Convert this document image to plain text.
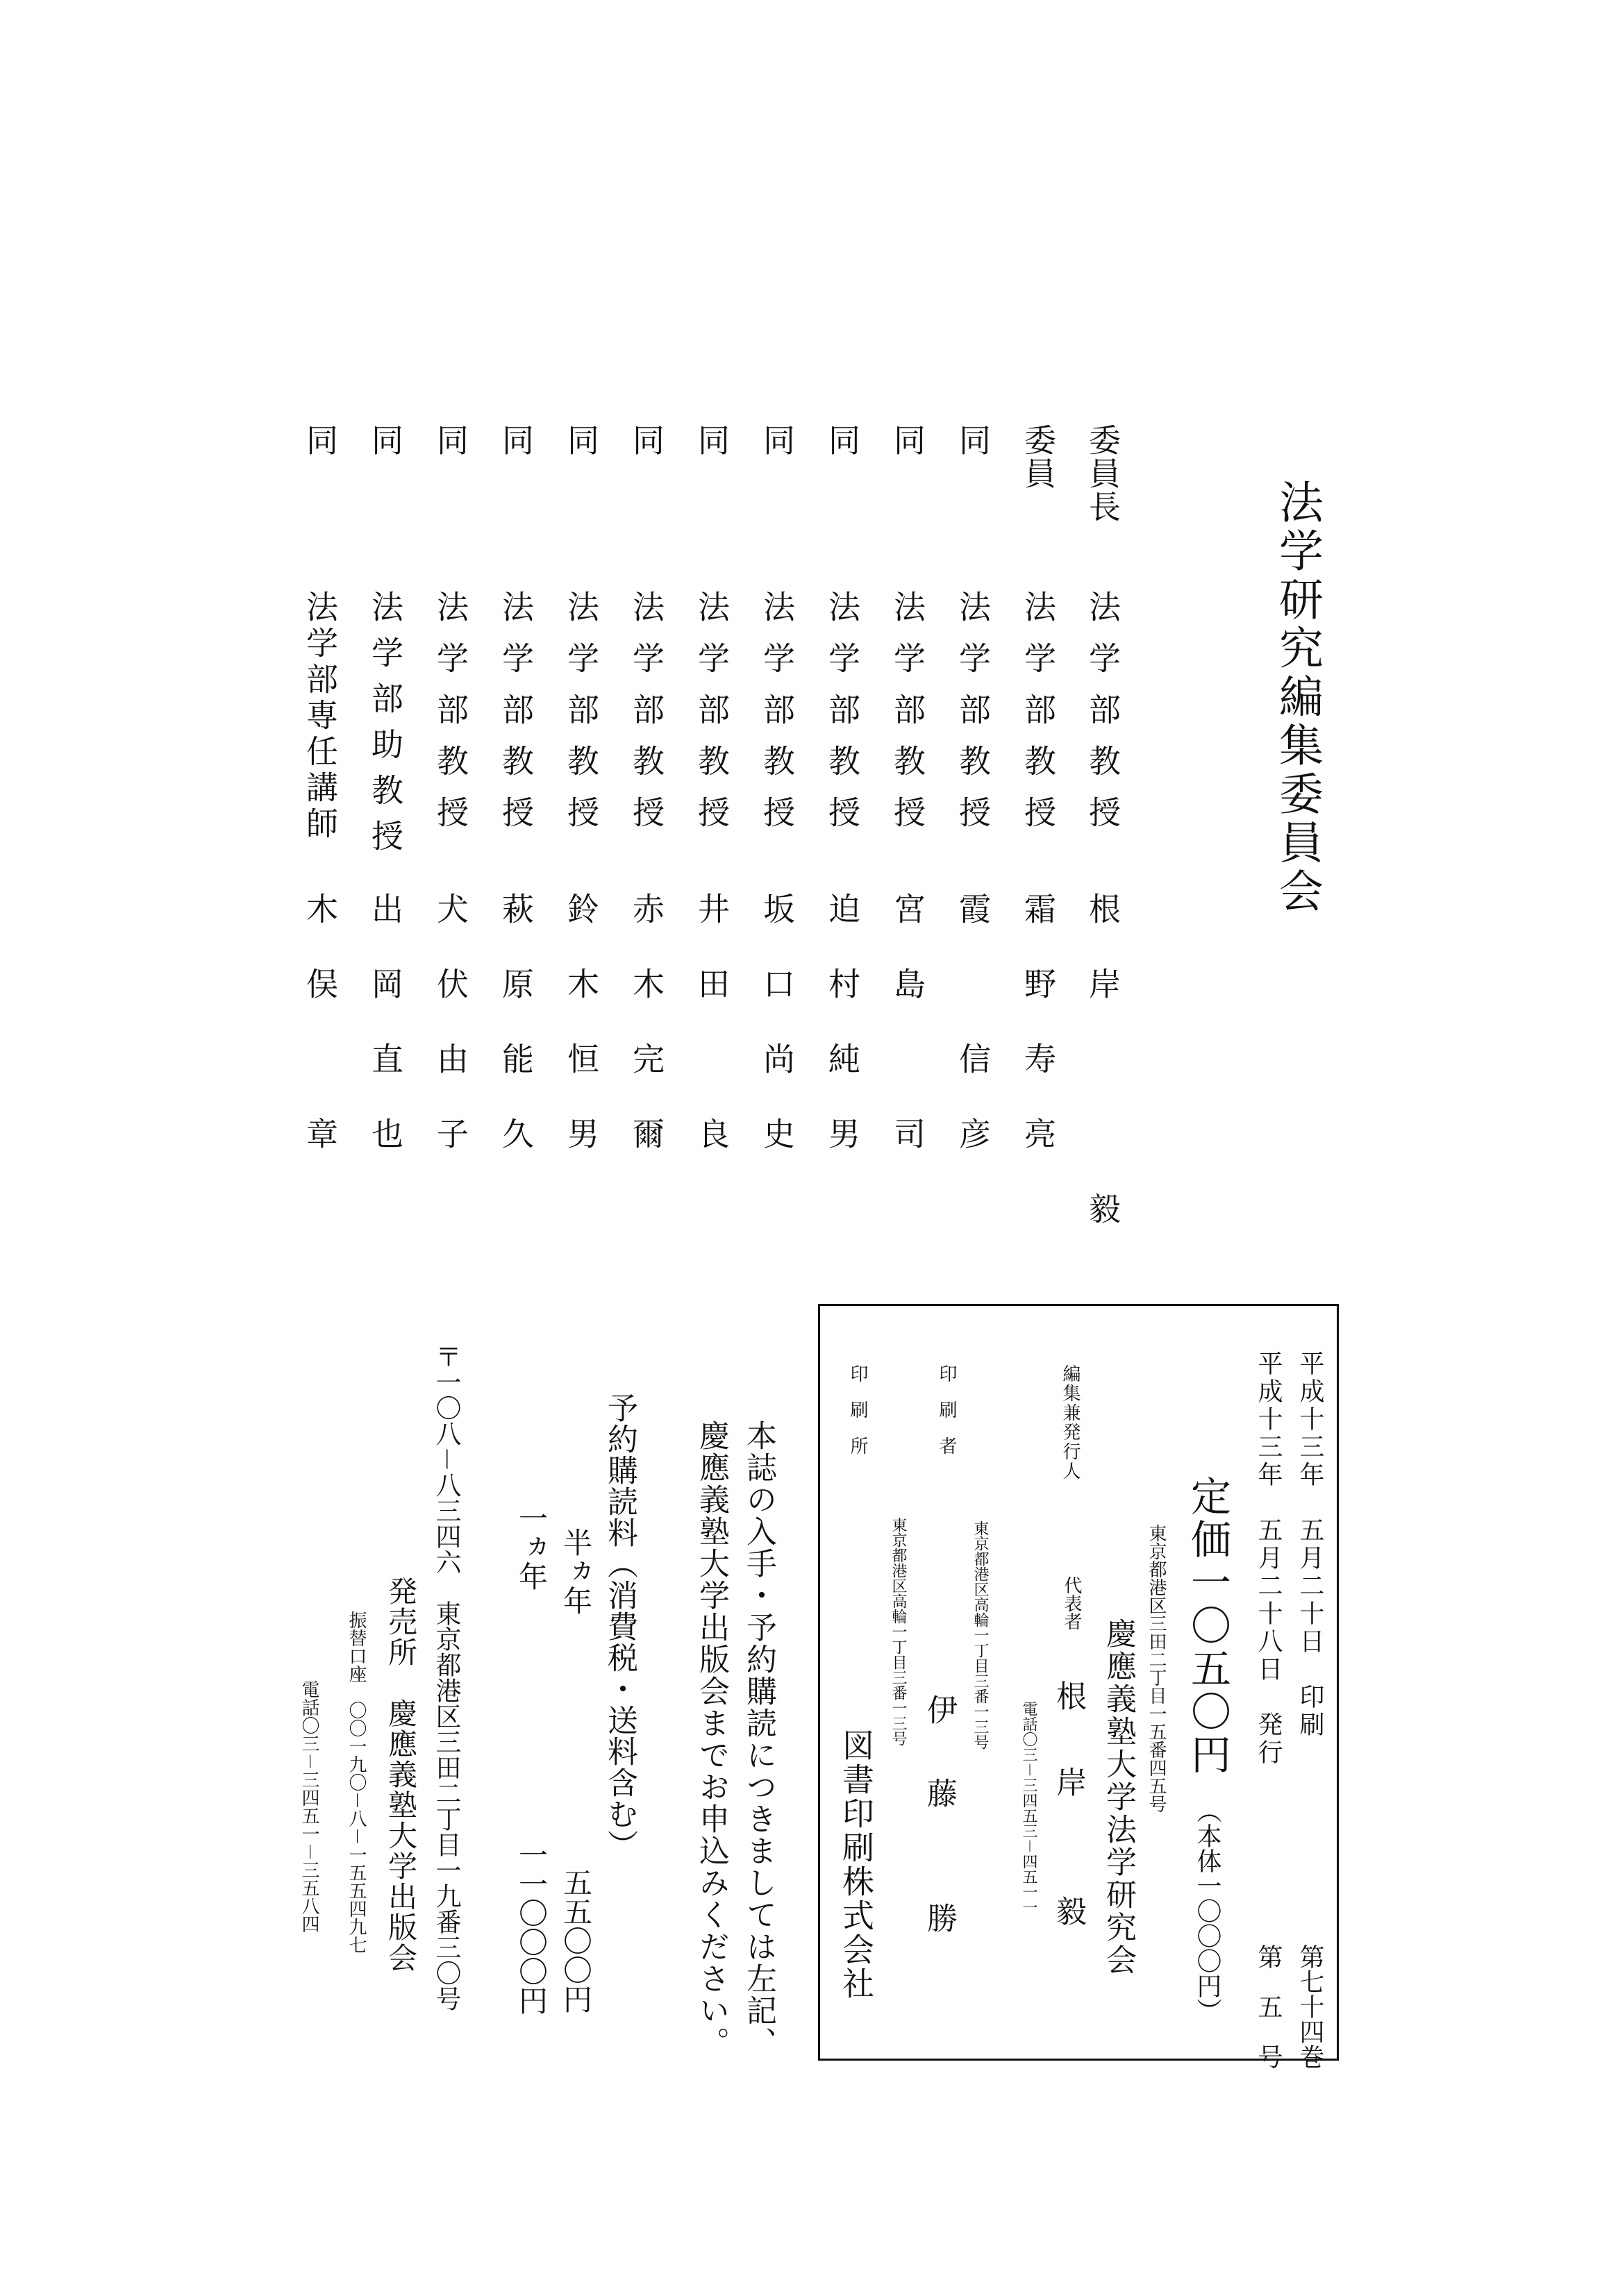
法学研究編集委員会
委員長
法学部教授
根岸　　毅
委員
法学部教授
霜野寿亮
同
法学部教授
霞　信彦
同
法学部教授
宮島　司
同
法学部教授
迫村純男
同
法学部教授
坂口尚史
同
法学部教授
井田　良
同
法学部教授
赤木完爾
同
法学部教授
鈴木恒男
同
法学部教授
萩原能久
同
法学部教授
犬伏由子
同
法学部助教授
出岡直也
同
法学部専任講師
木俣　章
平成十三年　五月二十日　印刷
第七十四巻
平成十三年　五月二十八日　発行
第　五　号
定価一〇五〇円
（本体一〇〇〇円）
編集兼発行人
東京都港区三田二丁目一五番四五号
慶應義塾大学法学研究会
代表者
根　岸　　毅
電話〇三－三四五三－四五一一
印　刷　者
東京都港区高輪一丁目三番一三号
伊　藤　　勝
印　刷　所
東京都港区高輪一丁目三番一三号
図書印刷株式会社
本誌の入手・予約購読につきましては左記、
慶應義塾大学出版会までお申込みください。
予約購読料（消費税・送料含む）
半ヵ年
五五〇〇円
一ヵ年
一一〇〇〇円
〒一〇八－八三四六　東京都港区三田二丁目一九番三〇号
発売所　慶應義塾大学出版会
振替口座　〇〇一九〇－八－一五五四九七
電話〇三－三四五一－三五八四
